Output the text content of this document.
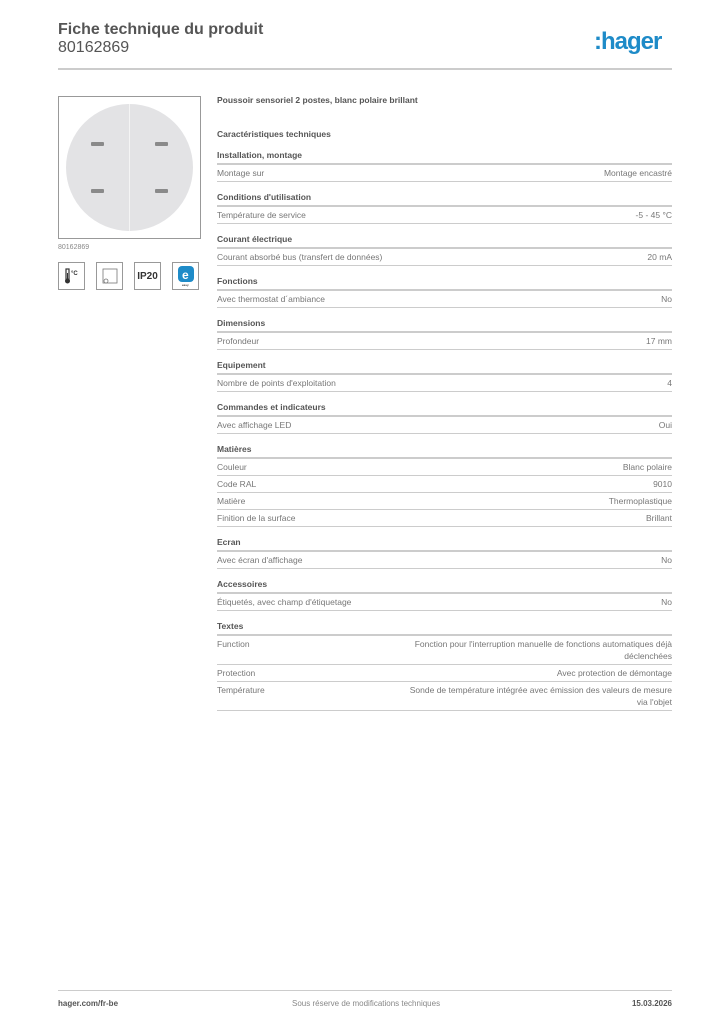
Fiche technique du produit
80162869	:hager
80162869
°C	IP20 e
easy
Poussoir sensoriel 2 postes, blanc polaire brillant
Caractéristiques techniques
Installation, montage
Montage sur	Montage encastré
Conditions d'utilisation
Température de service	-5 - 45 °C
Courant électrique
Courant absorbé bus (transfert de données)	20 mA
Fonctions
Avec thermostat d´ambiance	No
Dimensions
Profondeur	17 mm
Equipement
Nombre de points d'exploitation	4
Commandes et indicateurs
Avec affichage LED	Oui
Matières
Couleur	Blanc polaire
Code RAL	9010
Matière	Thermoplastique
Finition de la surface	Brillant
Ecran
Avec écran d'affichage	No
Accessoires
Étiquetés, avec champ d'étiquetage	No
Textes
Function	Fonction pour l'interruption manuelle de fonctions automatiques déjà déclenchées
Protection	Avec protection de démontage
Température	Sonde de température intégrée avec émission des valeurs de mesure via l'objet
hager.com/fr-be	Sous réserve de modifications techniques	15.03.2026
